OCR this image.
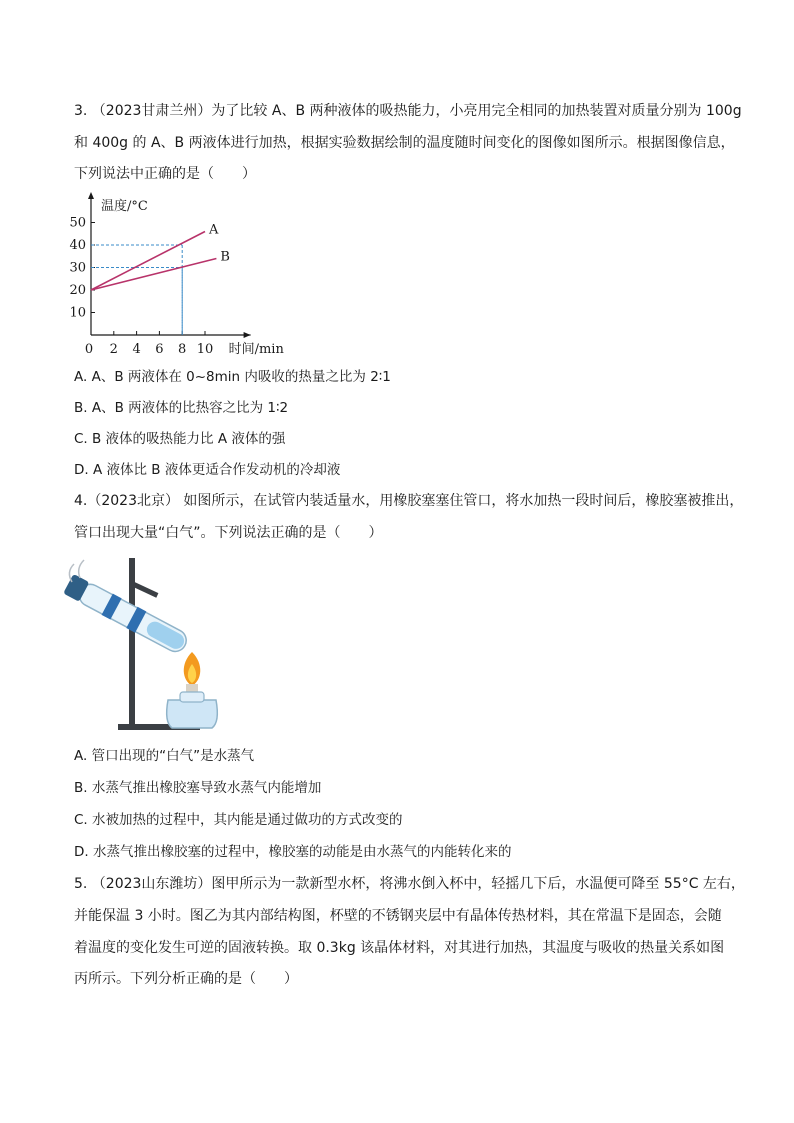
3. （2023甘肃兰州）为了比较 A、B 两种液体的吸热能力，小亮用完全相同的加热装置对质量分别为 100g
和 400g 的 A、B 两液体进行加热，根据实验数据绘制的温度随时间变化的图像如图所示。根据图像信息，
下列说法中正确的是（　　）
温度/°C
时间/min
10
20
30
40
50
0 2 4 6 8 10
A
B
A. A、B 两液体在 0~8min 内吸收的热量之比为 2∶1
B. A、B 两液体的比热容之比为 1∶2
C. B 液体的吸热能力比 A 液体的强
D. A 液体比 B 液体更适合作发动机的冷却液
4.（2023北京） 如图所示，在试管内装适量水，用橡胶塞塞住管口，将水加热一段时间后，橡胶塞被推出，
管口出现大量“白气”。下列说法正确的是（　　）
A. 管口出现的“白气”是水蒸气
B. 水蒸气推出橡胶塞导致水蒸气内能增加
C. 水被加热的过程中，其内能是通过做功的方式改变的
D. 水蒸气推出橡胶塞的过程中，橡胶塞的动能是由水蒸气的内能转化来的
5. （2023山东潍坊）图甲所示为一款新型水杯，将沸水倒入杯中，轻摇几下后，水温便可降至 55°C 左右，
并能保温 3 小时。图乙为其内部结构图，杯壁的不锈钢夹层中有晶体传热材料，其在常温下是固态，会随
着温度的变化发生可逆的固液转换。取 0.3kg 该晶体材料，对其进行加热，其温度与吸收的热量关系如图
丙所示。下列分析正确的是（　　）
